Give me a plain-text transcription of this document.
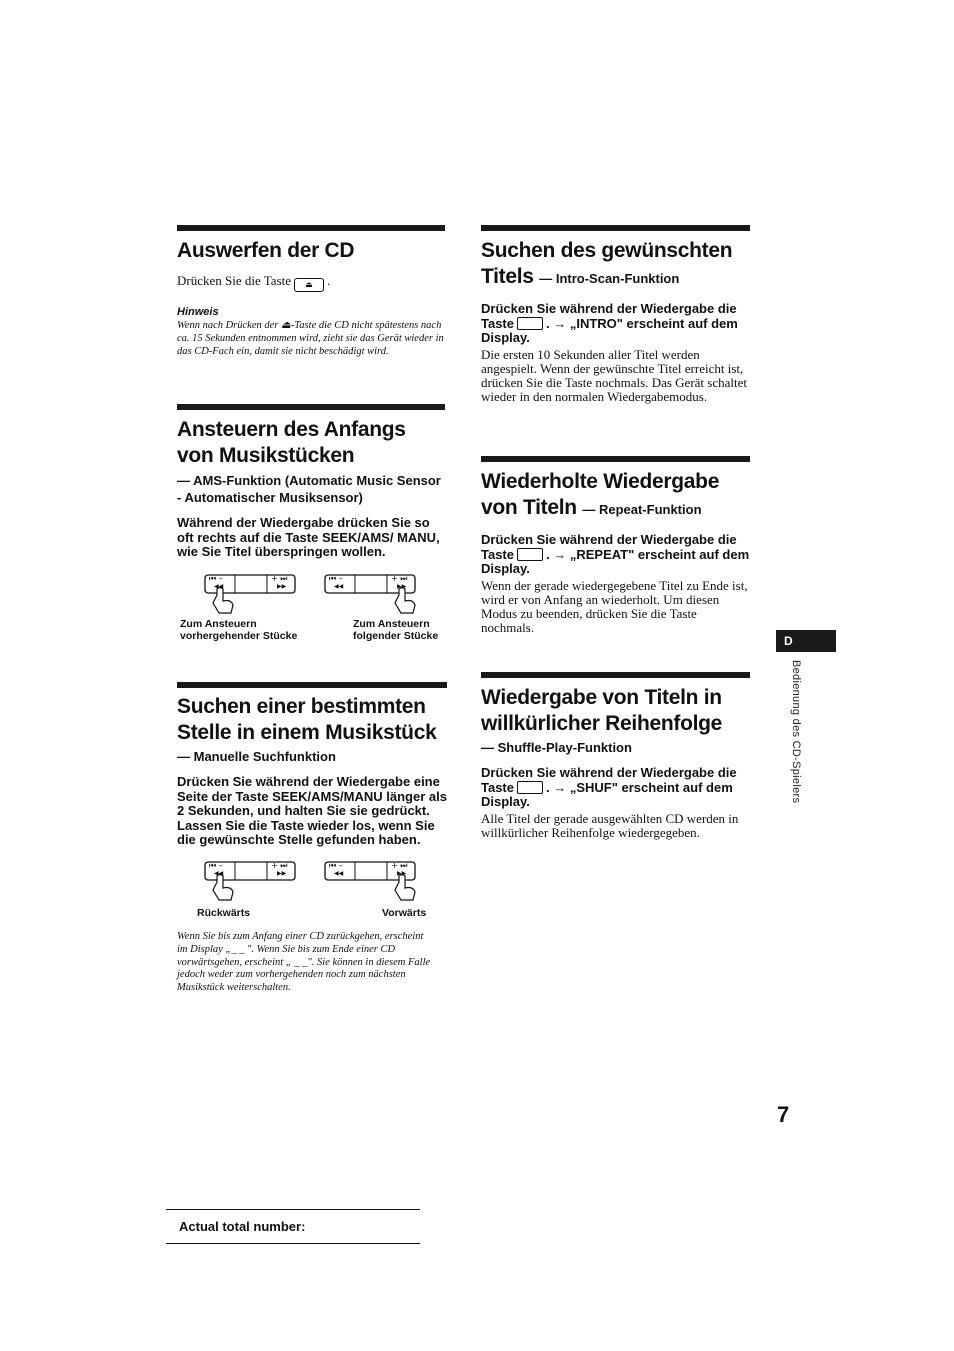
Auswerfen der CD

Drücken Sie die Taste ⏏ .

Hinweis

Wenn nach Drücken der ⏏-Taste die CD nicht spätestens nach ca. 15 Sekunden entnommen wird, zieht sie das Gerät wieder in das CD-Fach ein, damit sie nicht beschädigt wird.

Ansteuern des Anfangs von Musikstücken

— AMS-Funktion (Automatic Music Sensor - Automatischer Musiksensor)

Während der Wiedergabe drücken Sie so oft rechts auf die Taste SEEK/AMS/ MANU, wie Sie Titel überspringen wollen.

⏮ –
◀◀
+ ⏭
▶▶
⏮ –
◀◀
+ ⏭
▶▶
Zum Ansteuern
vorhergehender Stücke
Zum Ansteuern
folgender Stücke
Suchen einer bestimmten Stelle in einem Musikstück

— Manuelle Suchfunktion

Drücken Sie während der Wiedergabe eine Seite der Taste SEEK/AMS/MANU länger als 2 Sekunden, und halten Sie sie gedrückt. Lassen Sie die Taste wieder los, wenn Sie die gewünschte Stelle gefunden haben.

⏮ –
◀◀
+ ⏭
▶▶
⏮ –
◀◀
+ ⏭
▶▶
Rückwärts	Vorwärts

Wenn Sie bis zum Anfang einer CD zurückgehen, erscheint im Display „_ _ ". Wenn Sie bis zum Ende einer CD vorwärtsgehen, erscheint „ _ _". Sie können in diesem Falle jedoch weder zum vorhergehenden noch zum nächsten Musikstück weiterschalten.

Suchen des gewünschten Titels — Intro-Scan-Funktion

Drücken Sie während der Wiedergabe die Taste . → „INTRO" erscheint auf dem Display.

Die ersten 10 Sekunden aller Titel werden angespielt. Wenn der gewünschte Titel erreicht ist, drücken Sie die Taste nochmals. Das Gerät schaltet wieder in den normalen Wiedergabemodus.

Wiederholte Wiedergabe von Titeln — Repeat-Funktion

Drücken Sie während der Wiedergabe die Taste . → „REPEAT" erscheint auf dem Display.

Wenn der gerade wiedergegebene Titel zu Ende ist, wird er von Anfang an wiederholt. Um diesen Modus zu beenden, drücken Sie die Taste nochmals.

Wiedergabe von Titeln in willkürlicher Reihenfolge

— Shuffle-Play-Funktion

Drücken Sie während der Wiedergabe die Taste . → „SHUF" erscheint auf dem Display.

Alle Titel der gerade ausgewählten CD werden in willkürlicher Reihenfolge wiedergegeben.

D
Bedienung des CD-Spielers
7
Actual total number:
